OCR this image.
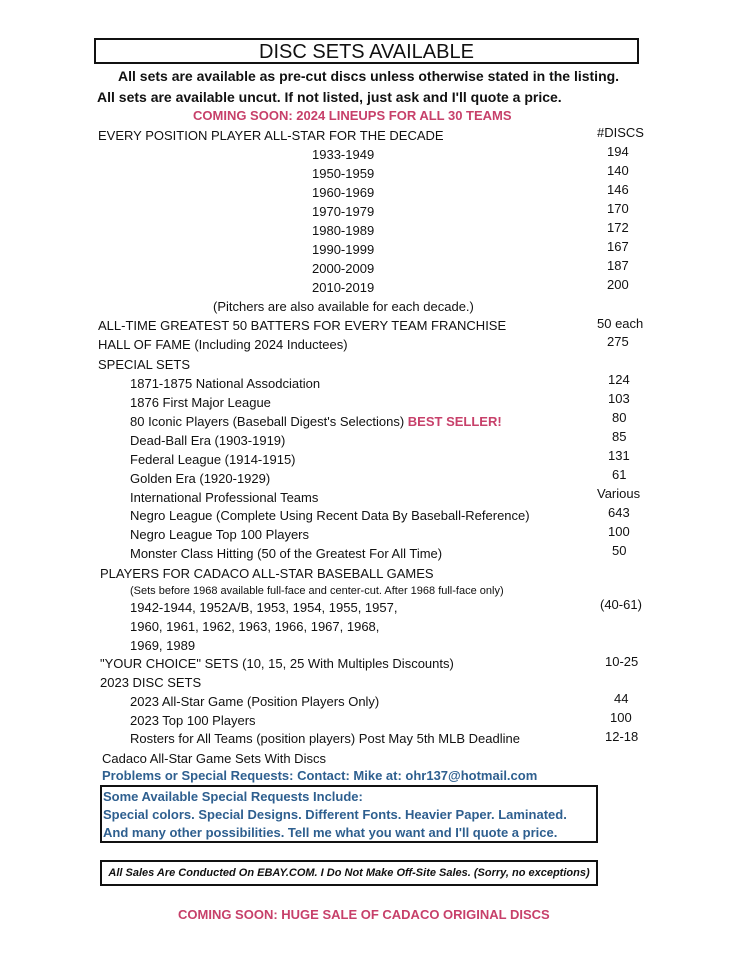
DISC SETS AVAILABLE
All sets are available as pre-cut discs unless otherwise stated in the listing.
All sets are available uncut. If not listed, just ask and I'll quote a price.
COMING SOON: 2024 LINEUPS FOR ALL 30 TEAMS
EVERY POSITION PLAYER ALL-STAR FOR THE DECADE	#DISCS
1933-1949	194
1950-1959	140
1960-1969	146
1970-1979	170
1980-1989	172
1990-1999	167
2000-2009	187
2010-2019	200
(Pitchers are also available for each decade.)
ALL-TIME GREATEST 50 BATTERS FOR EVERY TEAM FRANCHISE	50 each
HALL OF FAME (Including 2024 Inductees)	275
SPECIAL SETS
1871-1875 National Assodciation	124
1876 First Major League	103
80 Iconic Players (Baseball Digest's Selections) BEST SELLER!	80
Dead-Ball Era (1903-1919)	85
Federal League (1914-1915)	131
Golden Era (1920-1929)	61
International Professional Teams	Various
Negro League (Complete Using Recent Data By Baseball-Reference)	643
Negro League Top 100 Players	100
Monster Class Hitting (50 of the Greatest For All Time)	50
PLAYERS FOR CADACO ALL-STAR BASEBALL GAMES
(Sets before 1968 available full-face and center-cut. After 1968 full-face only)
1942-1944, 1952A/B, 1953, 1954, 1955, 1957,	(40-61)
1960, 1961, 1962, 1963, 1966, 1967, 1968,
1969, 1989
"YOUR CHOICE" SETS (10, 15, 25 With Multiples Discounts)	10-25
2023 DISC SETS
2023 All-Star Game (Position Players Only)	44
2023 Top 100 Players	100
Rosters for All Teams (position players) Post May 5th MLB Deadline	12-18
Cadaco All-Star Game Sets With Discs
Problems or Special Requests: Contact: Mike at: ohr137@hotmail.com
Some Available Special Requests Include:
Special colors. Special Designs. Different Fonts. Heavier Paper. Laminated.
And many other possibilities. Tell me what you want and I'll quote a price.
All Sales Are Conducted On EBAY.COM. I Do Not Make Off-Site Sales. (Sorry, no exceptions)
COMING SOON: HUGE SALE OF CADACO ORIGINAL DISCS
